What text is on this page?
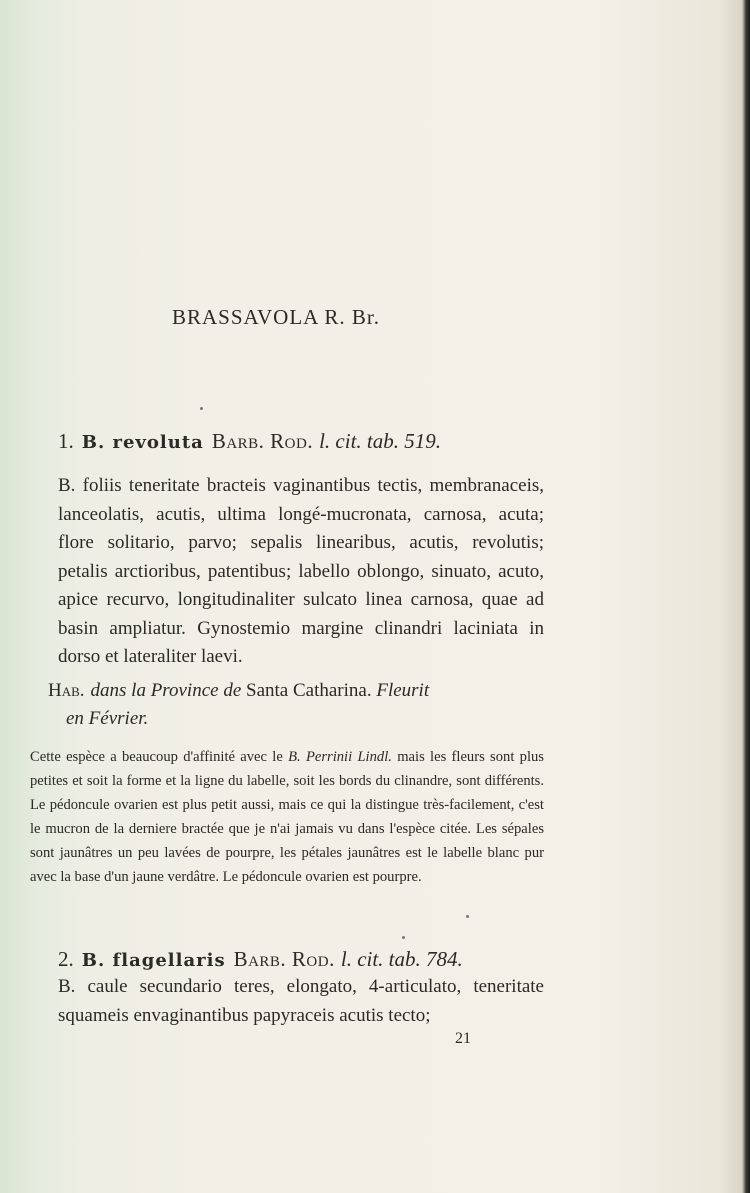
BRASSAVOLA R. Br.
1. B. revoluta Barb. Rod. l. cit. tab. 519.

B. foliis teneritate bracteis vaginantibus tectis, membranaceis, lanceolatis, acutis, ultima longé-mucronata, carnosa, acuta; flore solitario, parvo; sepalis linearibus, acutis, revolutis; petalis arctioribus, patentibus; labello oblongo, sinuato, acuto, apice recurvo, longitudinaliter sulcato linea carnosa, quae ad basin ampliatur. Gynostemio margine clinandri laciniata in dorso et lateraliter laevi.

Hab. dans la Province de Santa Catharina. Fleurit
en Février.
Cette espèce a beaucoup d'affinité avec le B. Perrinii Lindl. mais les fleurs sont plus petites et soit la forme et la ligne du labelle, soit les bords du clinandre, sont différents. Le pédoncule ovarien est plus petit aussi, mais ce qui la distingue très-facilement, c'est le mucron de la derniere bractée que je n'ai jamais vu dans l'espèce citée. Les sépales sont jaunâtres un peu lavées de pourpre, les pétales jaunâtres est le labelle blanc pur avec la base d'un jaune verdâtre. Le pédoncule ovarien est pourpre.
2. B. flagellaris Barb. Rod. l. cit. tab. 784.

B. caule secundario teres, elongato, 4-articulato, teneritate squameis envaginantibus papyraceis acutis tecto;

21
